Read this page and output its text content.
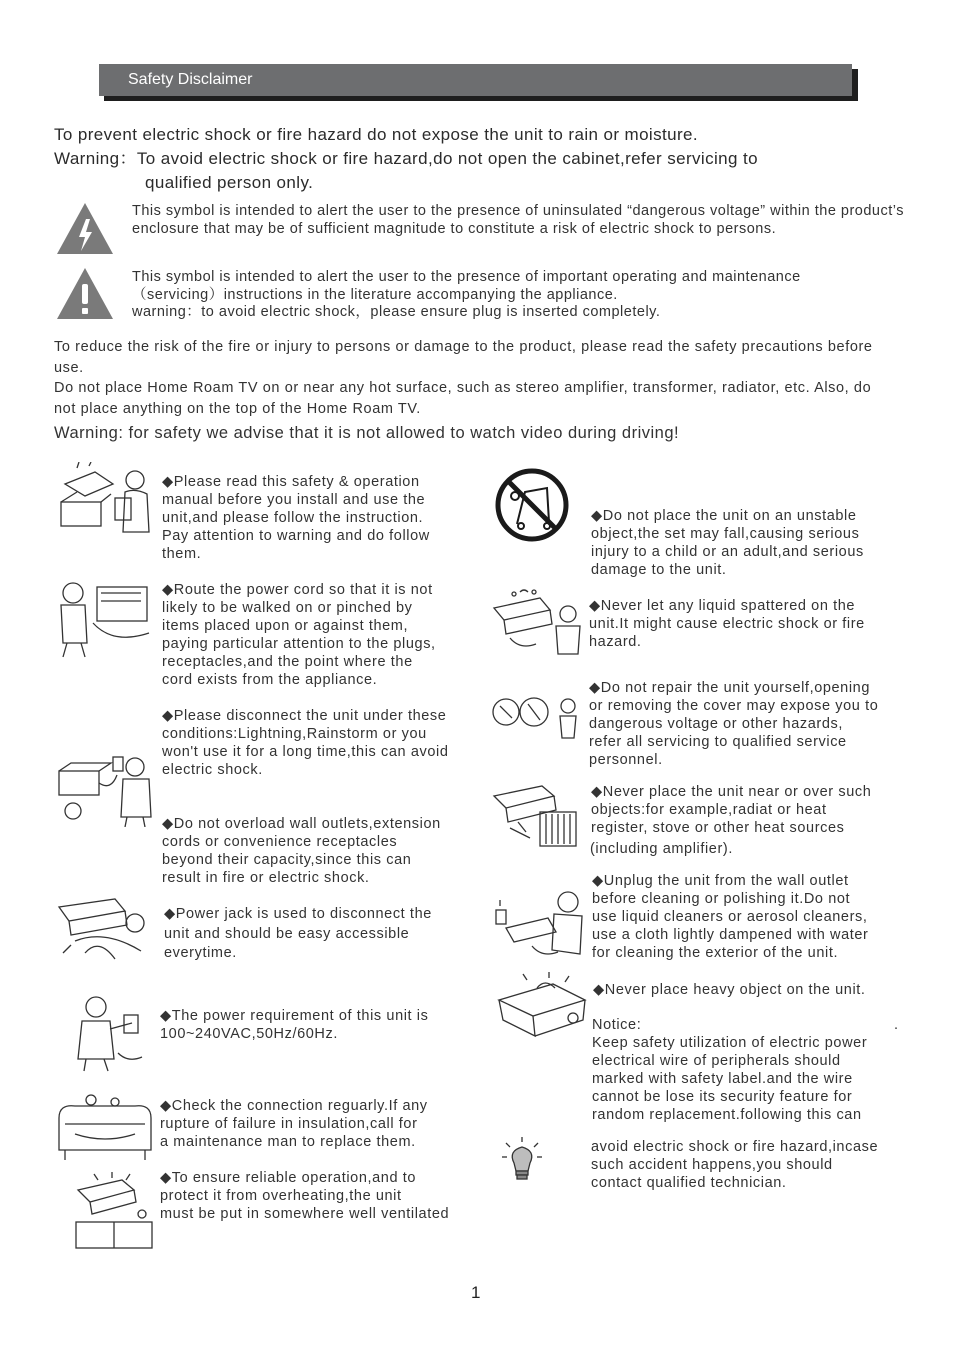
Safety Disclaimer
To prevent electric shock or fire hazard do not expose the unit to rain or moisture.
Warning：To avoid electric shock or fire hazard,do not open the cabinet,refer servicing to
qualified person only.
This symbol is intended to alert the user to the presence of uninsulated “dangerous voltage” within the product’s enclosure that may be of sufficient magnitude to constitute a risk of electric shock to persons.
This symbol is intended to alert the user to the presence of important operating and maintenance
（servicing）instructions in the literature accompanying the appliance.
warning：to avoid electric shock，please ensure plug is inserted completely.
To reduce the risk of the fire or injury to persons or damage to the product, please read the safety precautions before use.
Do not place Home Roam TV on or near any hot surface, such as stereo amplifier, transformer, radiator, etc. Also, do not place anything on the top of the Home Roam TV.
Warning: for safety we advise that it is not allowed to watch video during driving!
◆Please read this safety & operation
manual before you install and use the
unit,and please follow the instruction.
Pay attention to warning and do follow
them.
◆Route the power cord so that it is not
likely to be walked on or pinched by
items placed upon or against them,
paying particular attention to the plugs,
receptacles,and the point where the
cord exists from the appliance.
◆Please disconnect the unit under these
conditions:Lightning,Rainstorm or you
won't use it for a long time,this can avoid
electric shock.
◆Do not overload wall outlets,extension
cords or convenience receptacles
beyond their capacity,since this can
result in fire or electric shock.
◆Power jack is used to disconnect the
unit and should be easy accessible
everytime.
◆The power requirement of this unit is
100~240VAC,50Hz/60Hz.
◆Check the connection reguarly.If any
rupture of failure in insulation,call for
a maintenance man to replace them.
◆To ensure reliable operation,and to
protect it from overheating,the unit
must be put in somewhere well ventilated
◆Do not place the unit on an unstable
object,the set may fall,causing serious
injury to a child or an adult,and serious
damage to the unit.
◆Never let any liquid spattered on the
unit.It might cause electric shock or fire
hazard.
◆Do not repair the unit yourself,opening
or removing the cover may expose you to
dangerous voltage or other hazards,
refer all servicing to qualified service
personnel.
◆Never place the unit near or over such
objects:for example,radiat or heat
register, stove or other heat sources
(including amplifier).
◆Unplug the unit from the wall outlet
before cleaning or polishing it.Do not
use liquid cleaners or aerosol cleaners,
use a cloth lightly dampened with water
for cleaning the exterior of the unit.
◆Never place heavy object on the unit.
Notice:	.
Keep safety utilization of electric power
electrical wire of peripherals should
marked with safety label.and the wire
cannot be lose its security feature for
random replacement.following this can
avoid electric shock or fire hazard,incase
such accident happens,you should
contact qualified technician.
1
